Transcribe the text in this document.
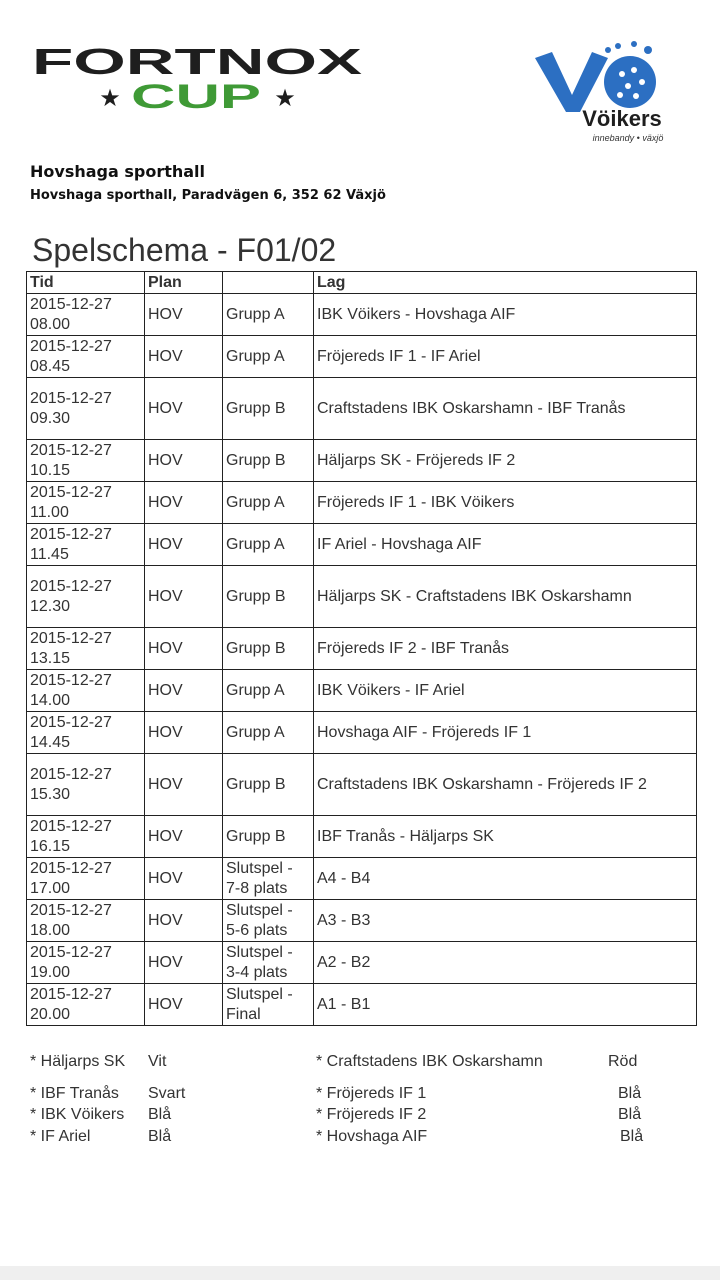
FORTNOX
CUP
★	★
Vöikers
innebandy • växjö
Hovshaga sporthall
Hovshaga sporthall, Paradvägen 6, 352 62 Växjö
Spelschema - F01/02
Tid	Plan		Lag
2015-12-27
08.00	HOV	Grupp A	IBK Vöikers - Hovshaga AIF
2015-12-27
08.45	HOV	Grupp A	Fröjereds IF 1 - IF Ariel
2015-12-27
09.30	HOV	Grupp B	Craftstadens IBK Oskarshamn - IBF Tranås
2015-12-27
10.15	HOV	Grupp B	Häljarps SK - Fröjereds IF 2
2015-12-27
11.00	HOV	Grupp A	Fröjereds IF 1 - IBK Vöikers
2015-12-27
11.45	HOV	Grupp A	IF Ariel - Hovshaga AIF
2015-12-27
12.30	HOV	Grupp B	Häljarps SK - Craftstadens IBK Oskarshamn
2015-12-27
13.15	HOV	Grupp B	Fröjereds IF 2 - IBF Tranås
2015-12-27
14.00	HOV	Grupp A	IBK Vöikers - IF Ariel
2015-12-27
14.45	HOV	Grupp A	Hovshaga AIF - Fröjereds IF 1
2015-12-27
15.30	HOV	Grupp B	Craftstadens IBK Oskarshamn - Fröjereds IF 2
2015-12-27
16.15	HOV	Grupp B	IBF Tranås - Häljarps SK
2015-12-27
17.00	HOV	Slutspel - 7-8 plats	A4 - B4
2015-12-27
18.00	HOV	Slutspel - 5-6 plats	A3 - B3
2015-12-27
19.00	HOV	Slutspel - 3-4 plats	A2 - B2
2015-12-27
20.00	HOV	Slutspel - Final	A1 - B1
* Häljarps SK Vit	* Craftstadens IBK Oskarshamn	Röd
* IBF Tranås Svart	* Fröjereds IF 1	Blå
* IBK Vöikers Blå	* Fröjereds IF 2	Blå
* IF Ariel	Blå	* Hovshaga AIF	Blå
